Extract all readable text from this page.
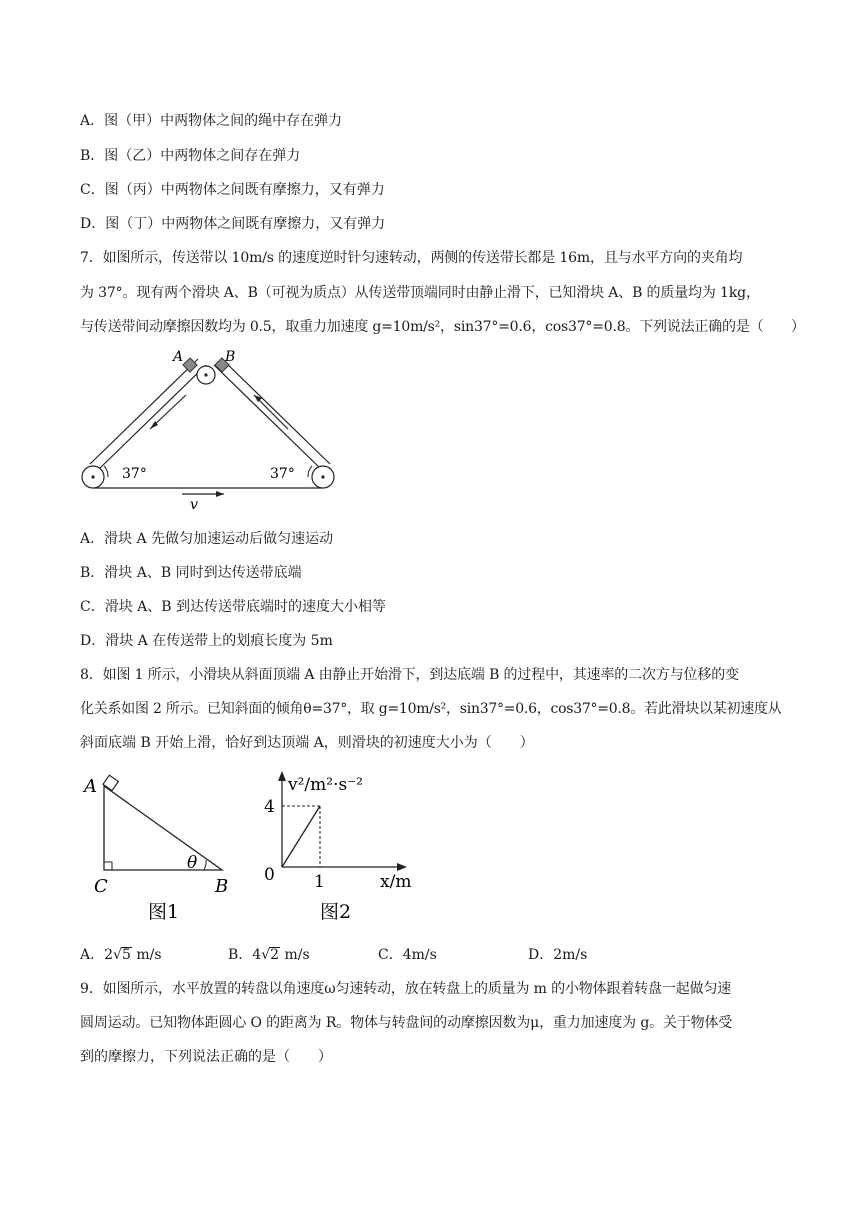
A．图（甲）中两物体之间的绳中存在弹力
B．图（乙）中两物体之间存在弹力
C．图（丙）中两物体之间既有摩擦力，又有弹力
D．图（丁）中两物体之间既有摩擦力，又有弹力
7．如图所示，传送带以 10m/s 的速度逆时针匀速转动，两侧的传送带长都是 16m，且与水平方向的夹角均
为 37°。现有两个滑块 A、B（可视为质点）从传送带顶端同时由静止滑下，已知滑块 A、B 的质量均为 1kg，
与传送带间动摩擦因数均为 0.5，取重力加速度 g=10m/s²，sin37°=0.6，cos37°=0.8。下列说法正确的是（　　）
A	B
37°	37°
v
A．滑块 A 先做匀加速运动后做匀速运动
B．滑块 A、B 同时到达传送带底端
C．滑块 A、B 到达传送带底端时的速度大小相等
D．滑块 A 在传送带上的划痕长度为 5m
8．如图 1 所示，小滑块从斜面顶端 A 由静止开始滑下，到达底端 B 的过程中，其速率的二次方与位移的变
化关系如图 2 所示。已知斜面的倾角θ=37°，取 g=10m/s²，sin37°=0.6，cos37°=0.8。若此滑块以某初速度从
斜面底端 B 开始上滑，恰好到达顶端 A，则滑块的初速度大小为（　　）
A
C	B
θ
图1
v²/m²·s⁻²
x/m
0
4
1
图2
A．2√5 m/s	B．4√2 m/s	C．4m/s	D．2m/s
9．如图所示，水平放置的转盘以角速度ω匀速转动，放在转盘上的质量为 m 的小物体跟着转盘一起做匀速
圆周运动。已知物体距圆心 O 的距离为 R。物体与转盘间的动摩擦因数为μ，重力加速度为 g。关于物体受
到的摩擦力，下列说法正确的是（　　）
